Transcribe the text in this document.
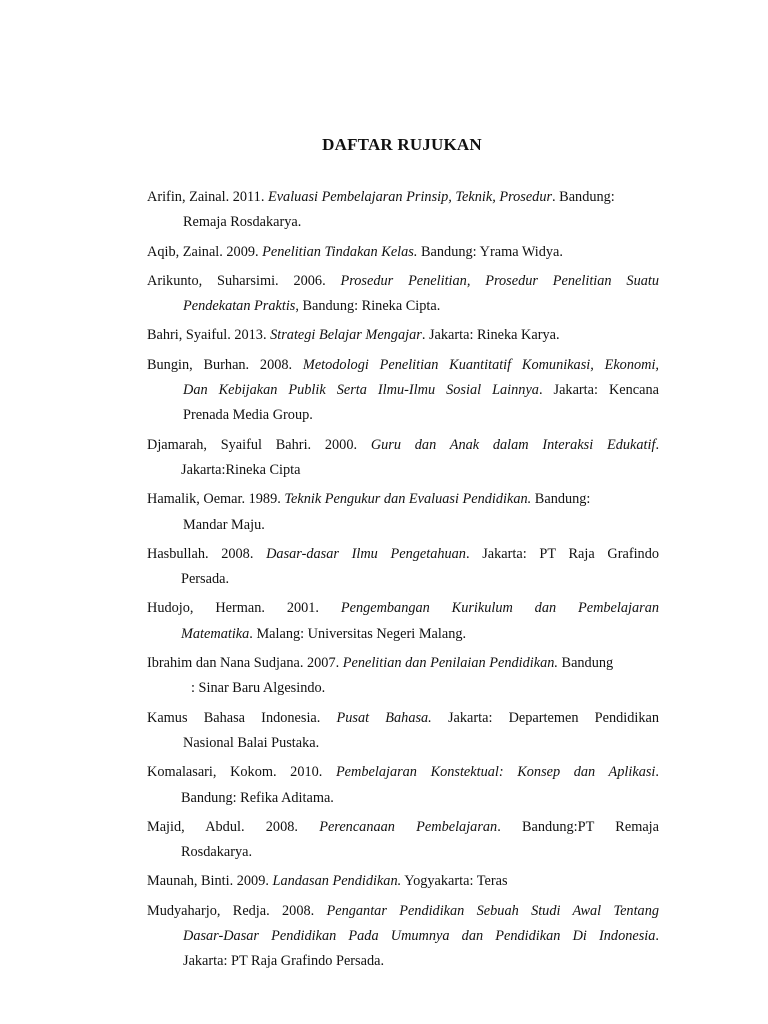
DAFTAR RUJUKAN
Arifin, Zainal. 2011. Evaluasi Pembelajaran Prinsip, Teknik, Prosedur. Bandung:
Remaja Rosdakarya.
Aqib, Zainal. 2009. Penelitian Tindakan Kelas. Bandung: Yrama Widya.
Arikunto, Suharsimi. 2006. Prosedur Penelitian, Prosedur Penelitian Suatu
Pendekatan Praktis, Bandung: Rineka Cipta.
Bahri, Syaiful. 2013. Strategi Belajar Mengajar. Jakarta: Rineka Karya.
Bungin, Burhan. 2008. Metodologi Penelitian Kuantitatif Komunikasi, Ekonomi,
Dan Kebijakan Publik Serta Ilmu-Ilmu Sosial Lainnya. Jakarta: Kencana
Prenada Media Group.
Djamarah, Syaiful Bahri. 2000. Guru dan Anak dalam Interaksi Edukatif.
Jakarta:Rineka Cipta
Hamalik, Oemar. 1989. Teknik Pengukur dan Evaluasi Pendidikan. Bandung:
Mandar Maju.
Hasbullah. 2008. Dasar-dasar Ilmu Pengetahuan. Jakarta: PT Raja Grafindo
Persada.
Hudojo, Herman. 2001. Pengembangan Kurikulum dan Pembelajaran
Matematika. Malang: Universitas Negeri Malang.
Ibrahim dan Nana Sudjana. 2007. Penelitian dan Penilaian Pendidikan. Bandung
: Sinar Baru Algesindo.
Kamus Bahasa Indonesia. Pusat Bahasa. Jakarta: Departemen Pendidikan
Nasional Balai Pustaka.
Komalasari, Kokom. 2010. Pembelajaran Konstektual: Konsep dan Aplikasi.
Bandung: Refika Aditama.
Majid, Abdul. 2008. Perencanaan Pembelajaran. Bandung:PT Remaja
Rosdakarya.
Maunah, Binti. 2009. Landasan Pendidikan. Yogyakarta: Teras
Mudyaharjo, Redja. 2008. Pengantar Pendidikan Sebuah Studi Awal Tentang
Dasar-Dasar Pendidikan Pada Umumnya dan Pendidikan Di Indonesia.
Jakarta: PT Raja Grafindo Persada.
